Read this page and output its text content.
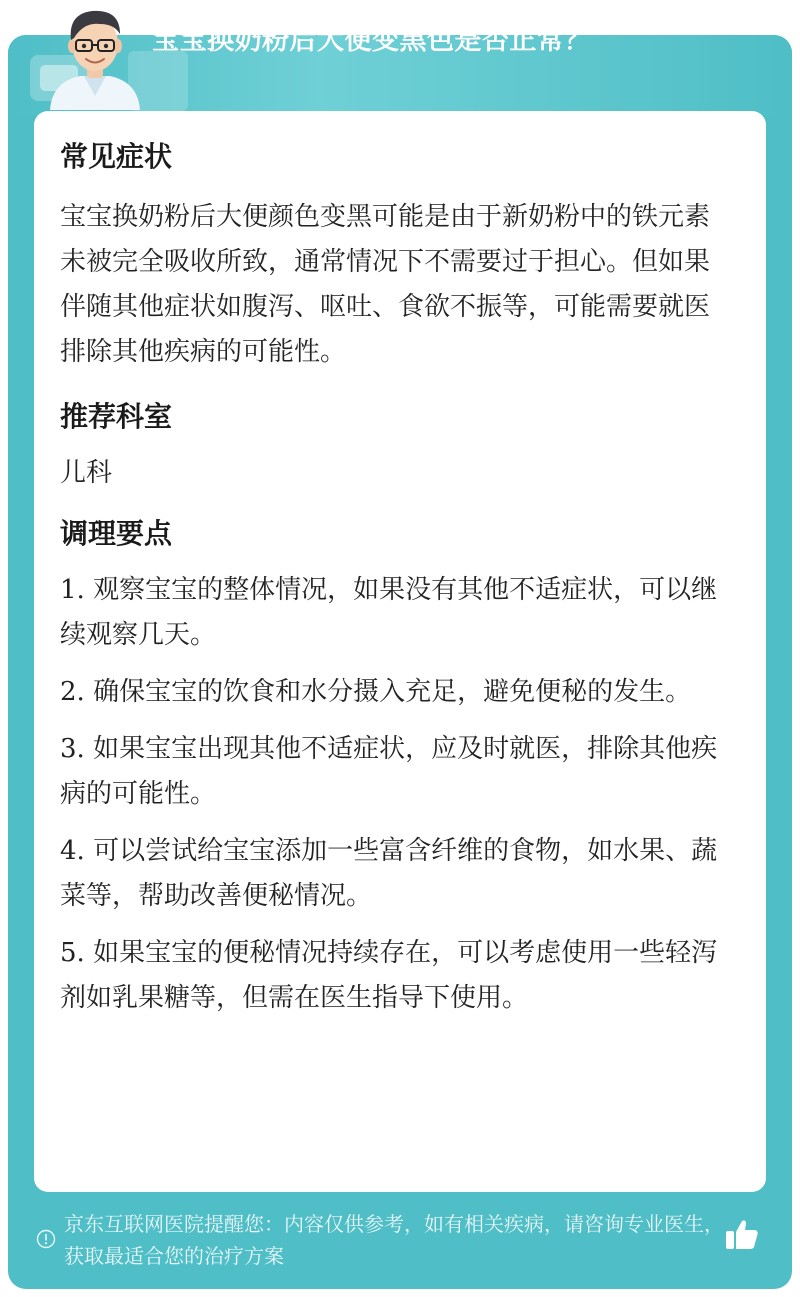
宝宝换奶粉后大便变黑色是否正常？
常见症状

宝宝换奶粉后大便颜色变黑可能是由于新奶粉中的铁元素未被完全吸收所致，通常情况下不需要过于担心。但如果伴随其他症状如腹泻、呕吐、食欲不振等，可能需要就医排除其他疾病的可能性。

推荐科室

儿科

调理要点
1. 观察宝宝的整体情况，如果没有其他不适症状，可以继续观察几天。
2. 确保宝宝的饮食和水分摄入充足，避免便秘的发生。
3. 如果宝宝出现其他不适症状，应及时就医，排除其他疾病的可能性。
4. 可以尝试给宝宝添加一些富含纤维的食物，如水果、蔬菜等，帮助改善便秘情况。
5. 如果宝宝的便秘情况持续存在，可以考虑使用一些轻泻剂如乳果糖等，但需在医生指导下使用。
京东互联网医院提醒您：内容仅供参考，如有相关疾病，请咨询专业医生，获取最适合您的治疗方案
